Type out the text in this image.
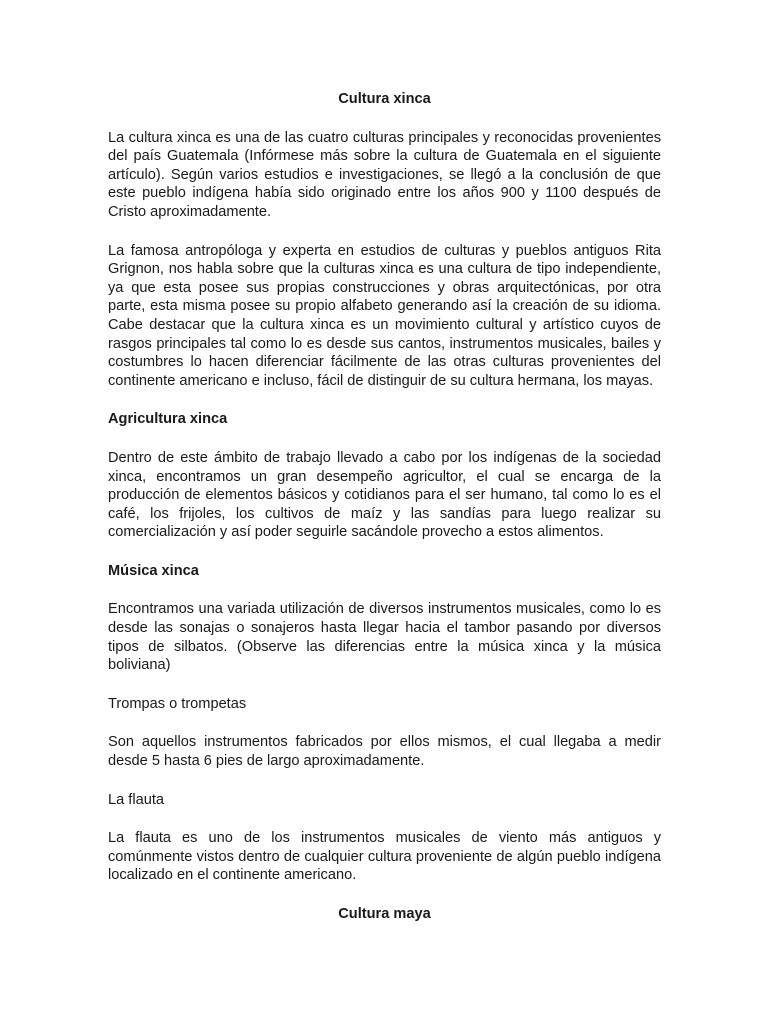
Cultura xinca

La cultura xinca es una de las cuatro culturas principales y reconocidas provenientes del país Guatemala (Infórmese más sobre la cultura de Guatemala en el siguiente artículo). Según varios estudios e investigaciones, se llegó a la conclusión de que este pueblo indígena había sido originado entre los años 900 y 1100 después de Cristo aproximadamente.

La famosa antropóloga y experta en estudios de culturas y pueblos antiguos Rita Grignon, nos habla sobre que la culturas xinca es una cultura de tipo independiente, ya que esta posee sus propias construcciones y obras arquitectónicas, por otra parte, esta misma posee su propio alfabeto generando así la creación de su idioma. Cabe destacar que la cultura xinca es un movimiento cultural y artístico cuyos de rasgos principales tal como lo es desde sus cantos, instrumentos musicales, bailes y costumbres lo hacen diferenciar fácilmente de las otras culturas provenientes del continente americano e incluso, fácil de distinguir de su cultura hermana, los mayas.

Agricultura xinca

Dentro de este ámbito de trabajo llevado a cabo por los indígenas de la sociedad xinca, encontramos un gran desempeño agricultor, el cual se encarga de la producción de elementos básicos y cotidianos para el ser humano, tal como lo es el café, los frijoles, los cultivos de maíz y las sandías para luego realizar su comercialización y así poder seguirle sacándole provecho a estos alimentos.

Música xinca

Encontramos una variada utilización de diversos instrumentos musicales, como lo es desde las sonajas o sonajeros hasta llegar hacia el tambor pasando por diversos tipos de silbatos. (Observe las diferencias entre la música xinca y la música boliviana)

Trompas o trompetas

Son aquellos instrumentos fabricados por ellos mismos, el cual llegaba a medir desde 5 hasta 6 pies de largo aproximadamente.

La flauta

La flauta es uno de los instrumentos musicales de viento más antiguos y comúnmente vistos dentro de cualquier cultura proveniente de algún pueblo indígena localizado en el continente americano.

Cultura maya
